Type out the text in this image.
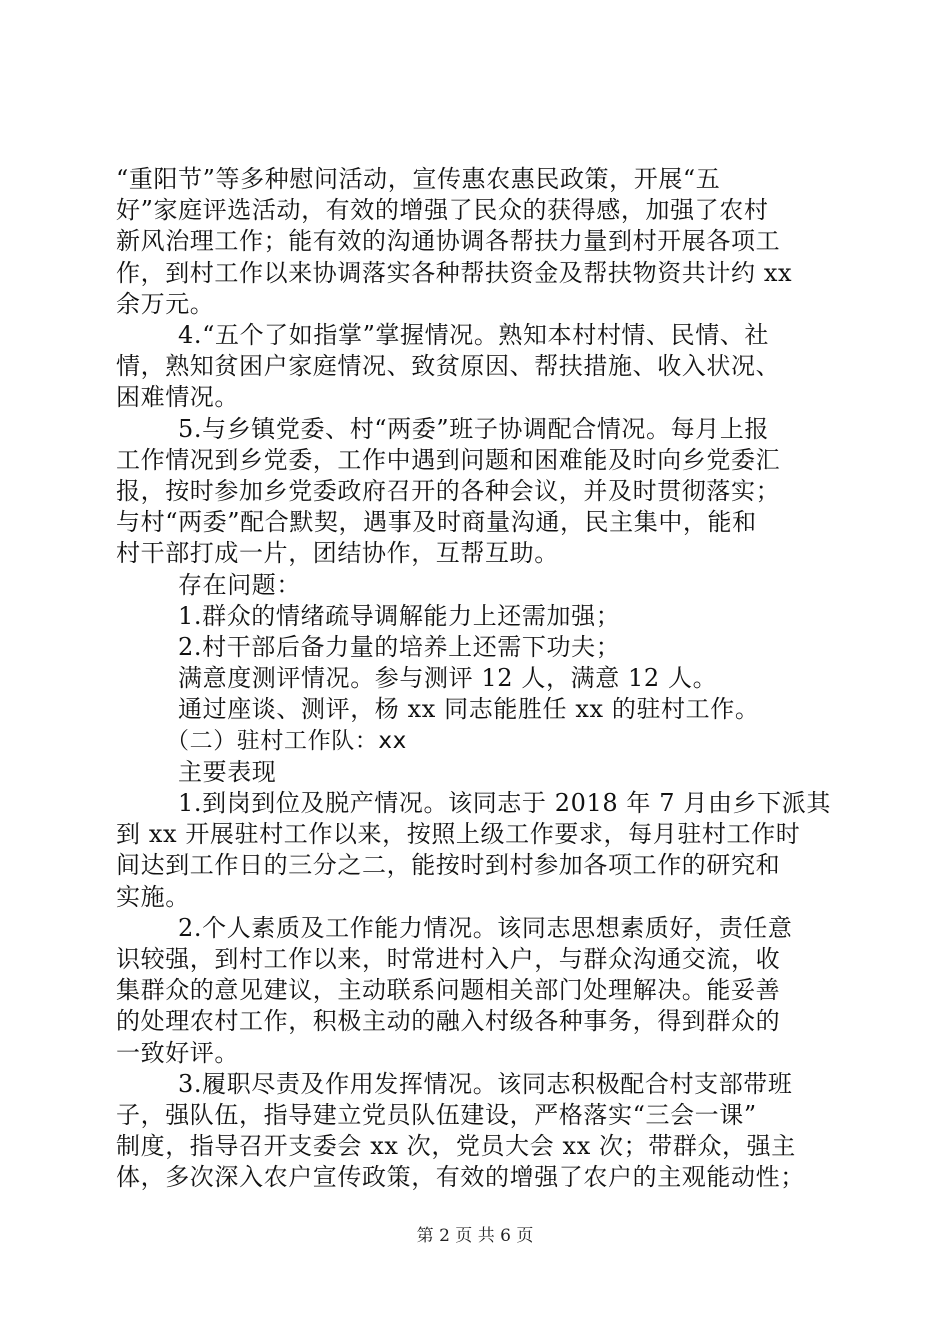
“重阳节”等多种慰问活动，宣传惠农惠民政策，开展“五
好”家庭评选活动，有效的增强了民众的获得感，加强了农村
新风治理工作；能有效的沟通协调各帮扶力量到村开展各项工
作，到村工作以来协调落实各种帮扶资金及帮扶物资共计约 xx
余万元。
4.“五个了如指掌”掌握情况。熟知本村村情、民情、社
情，熟知贫困户家庭情况、致贫原因、帮扶措施、收入状况、
困难情况。
5.与乡镇党委、村“两委”班子协调配合情况。每月上报
工作情况到乡党委，工作中遇到问题和困难能及时向乡党委汇
报，按时参加乡党委政府召开的各种会议，并及时贯彻落实；
与村“两委”配合默契，遇事及时商量沟通，民主集中，能和
村干部打成一片，团结协作，互帮互助。
存在问题：
1.群众的情绪疏导调解能力上还需加强；
2.村干部后备力量的培养上还需下功夫；
满意度测评情况。参与测评 12 人，满意 12 人。
通过座谈、测评，杨 xx 同志能胜任 xx 的驻村工作。
（二）驻村工作队：xx
主要表现
1.到岗到位及脱产情况。该同志于 2018 年 7 月由乡下派其
到 xx 开展驻村工作以来，按照上级工作要求，每月驻村工作时
间达到工作日的三分之二，能按时到村参加各项工作的研究和
实施。
2.个人素质及工作能力情况。该同志思想素质好，责任意
识较强，到村工作以来，时常进村入户，与群众沟通交流，收
集群众的意见建议，主动联系问题相关部门处理解决。能妥善
的处理农村工作，积极主动的融入村级各种事务，得到群众的
一致好评。
3.履职尽责及作用发挥情况。该同志积极配合村支部带班
子，强队伍，指导建立党员队伍建设，严格落实“三会一课”
制度，指导召开支委会 xx 次，党员大会 xx 次；带群众，强主
体，多次深入农户宣传政策，有效的增强了农户的主观能动性；
第 2 页 共 6 页
